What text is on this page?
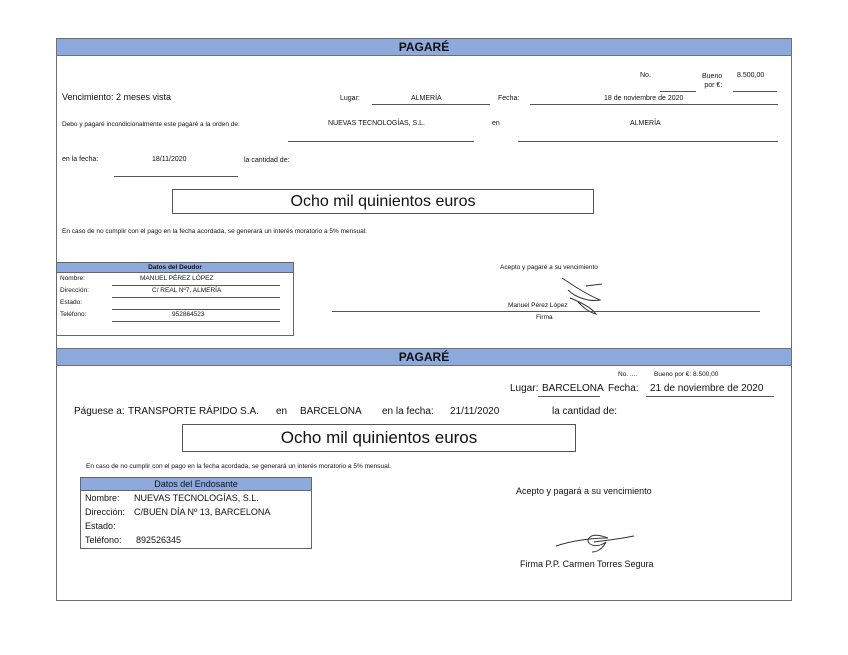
PAGARÉ
No.	Bueno
por €:
8.500,00
Vencimiento: 2 meses vista	Lugar:	ALMERÍA	Fecha:	18 de noviembre de 2020
Debo y pagaré incondicionalmente este pagaré a la orden de:	NUEVAS TECNOLOGÍAS, S.L.	en	ALMERÍA
en la fecha:	18/11/2020	la cantidad de:
Ocho mil quinientos euros
En caso de no cumplir con el pago en la fecha acordada, se generará un interés moratorio a 5% mensual.
Datos del Deudor
Nombre:	MANUEL PÉREZ LÓPEZ
Dirección:	C/ REAL Nº7, ALMERÍA
Estado:
Teléfono:	952864523
Acepto y pagaré a su vencimiento
Manuel Pérez López
Firma
PAGARÉ
No. ....	Bueno por €: 8.500,00
Lugar: BARCELONA Fecha: 21 de noviembre de 2020
Páguese a: TRANSPORTE RÁPIDO S.A. en BARCELONA en la fecha: 21/11/2020	la cantidad de:
Ocho mil quinientos euros
En caso de no cumplir con el pago en la fecha acordada, se generará un interés moratorio a 5% mensual.
Datos del Endosante
Nombre: NUEVAS TECNOLOGÍAS, S.L.
Dirección: C/BUEN DÍA Nº 13, BARCELONA
Estado:
Teléfono: 892526345
Acepto y pagará a su vencimiento
Firma P.P. Carmen Torres Segura
